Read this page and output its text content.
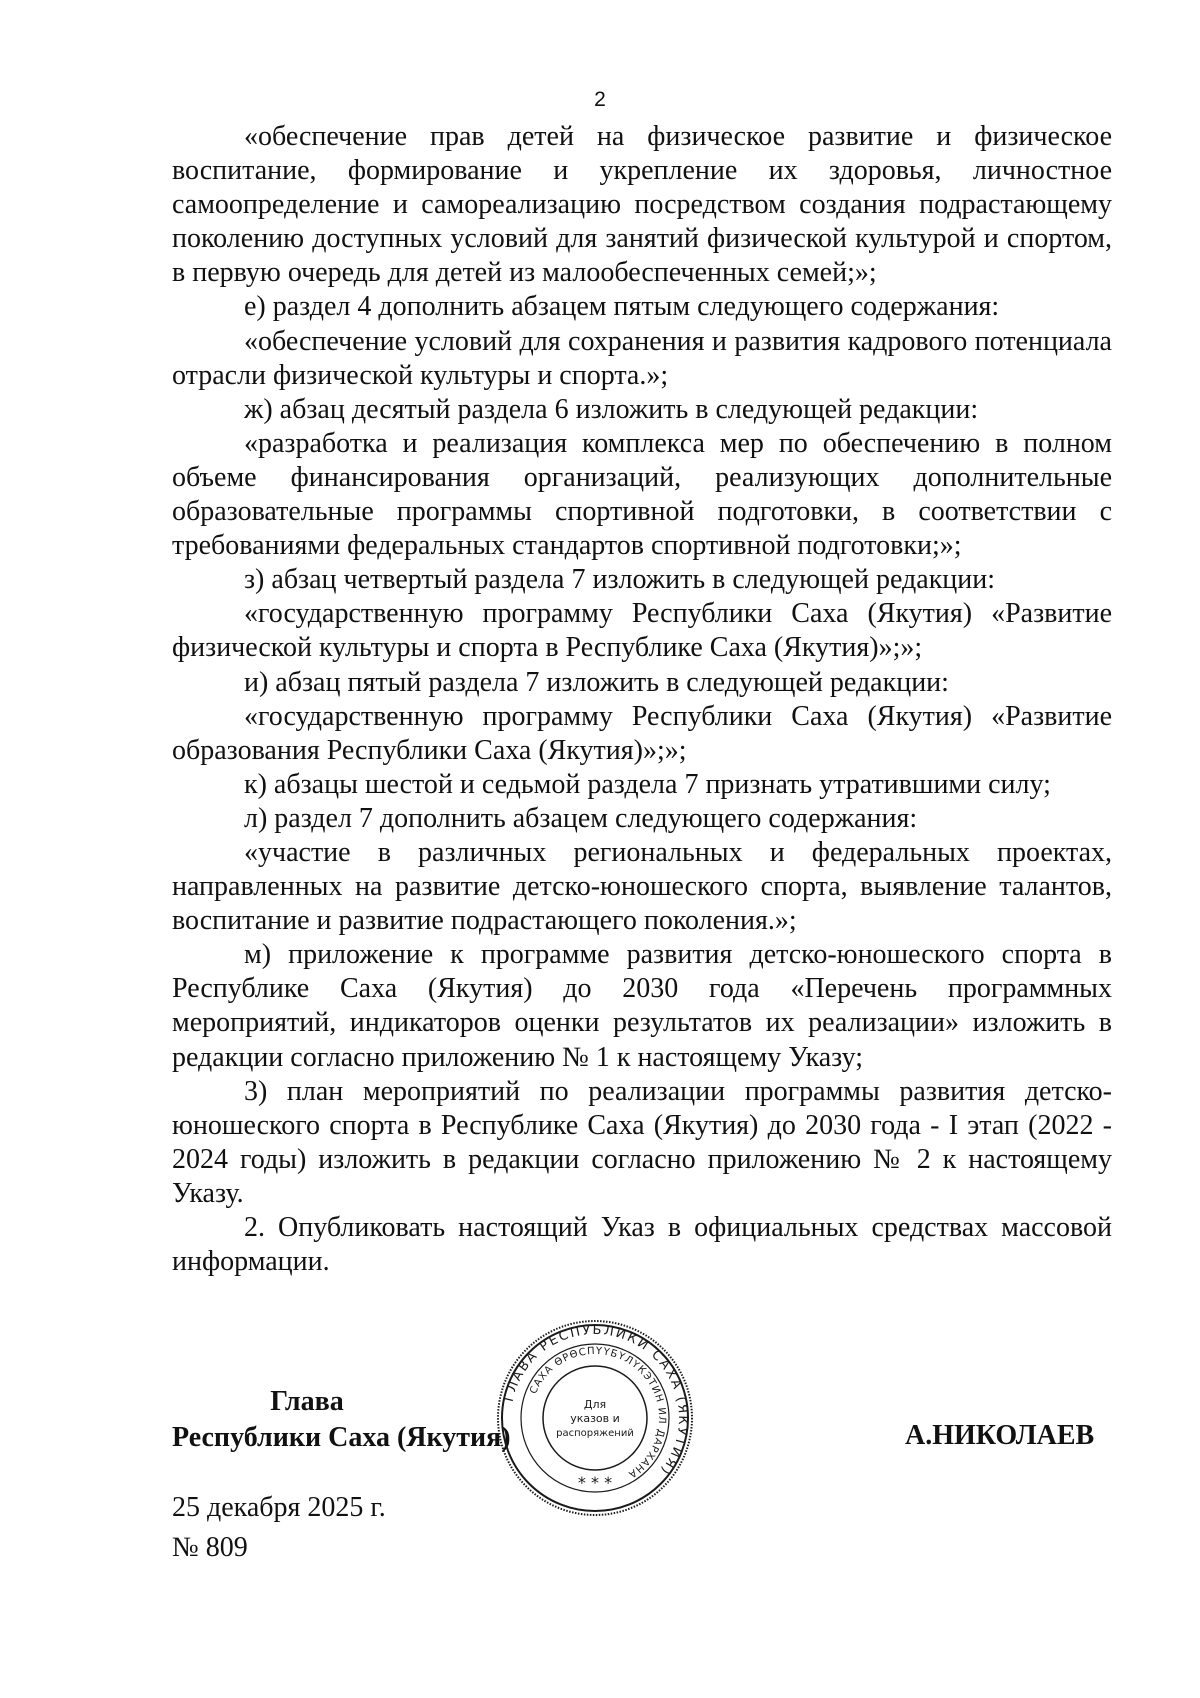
2

«обеспечение прав детей на физическое развитие и физическое воспитание, формирование и укрепление их здоровья, личностное самоопределение и самореализацию посредством создания подрастающему поколению доступных условий для занятий физической культурой и спортом, в первую очередь для детей из малообеспеченных семей;»;

е) раздел 4 дополнить абзацем пятым следующего содержания:

«обеспечение условий для сохранения и развития кадрового потенциала отрасли физической культуры и спорта.»;

ж) абзац десятый раздела 6 изложить в следующей редакции:

«разработка и реализация комплекса мер по обеспечению в полном объеме финансирования организаций, реализующих дополнительные образовательные программы спортивной подготовки, в соответствии с требованиями федеральных стандартов спортивной подготовки;»;

з) абзац четвертый раздела 7 изложить в следующей редакции:

«государственную программу Республики Саха (Якутия) «Развитие физической культуры и спорта в Республике Саха (Якутия)»;»;

и) абзац пятый раздела 7 изложить в следующей редакции:

«государственную программу Республики Саха (Якутия) «Развитие образования Республики Саха (Якутия)»;»;

к) абзацы шестой и седьмой раздела 7 признать утратившими силу;

л) раздел 7 дополнить абзацем следующего содержания:

«участие в различных региональных и федеральных проектах, направленных на развитие детско-юношеского спорта, выявление талантов, воспитание и развитие подрастающего поколения.»;

м) приложение к программе развития детско-юношеского спорта в Республике Саха (Якутия) до 2030 года «Перечень программных мероприятий, индикаторов оценки результатов их реализации» изложить в редакции согласно приложению № 1 к настоящему Указу;

3) план мероприятий по реализации программы развития детско-юношеского спорта в Республике Саха (Якутия) до 2030 года - I этап (2022 - 2024 годы) изложить в редакции согласно приложению № 2 к настоящему Указу.

2. Опубликовать настоящий Указ в официальных средствах массовой информации.

Глава
Республики Саха (Якутия)
ГЛАВА РЕСПУБЛИКИ САХА (ЯКУТИЯ)
САХА ӨРӨСПҮҮБҮЛҮКЭТИН ИЛ ДАРХАНА
Для
указов и
распоряжений
* * *
А.НИКОЛАЕВ
25 декабря 2025 г.
№ 809
